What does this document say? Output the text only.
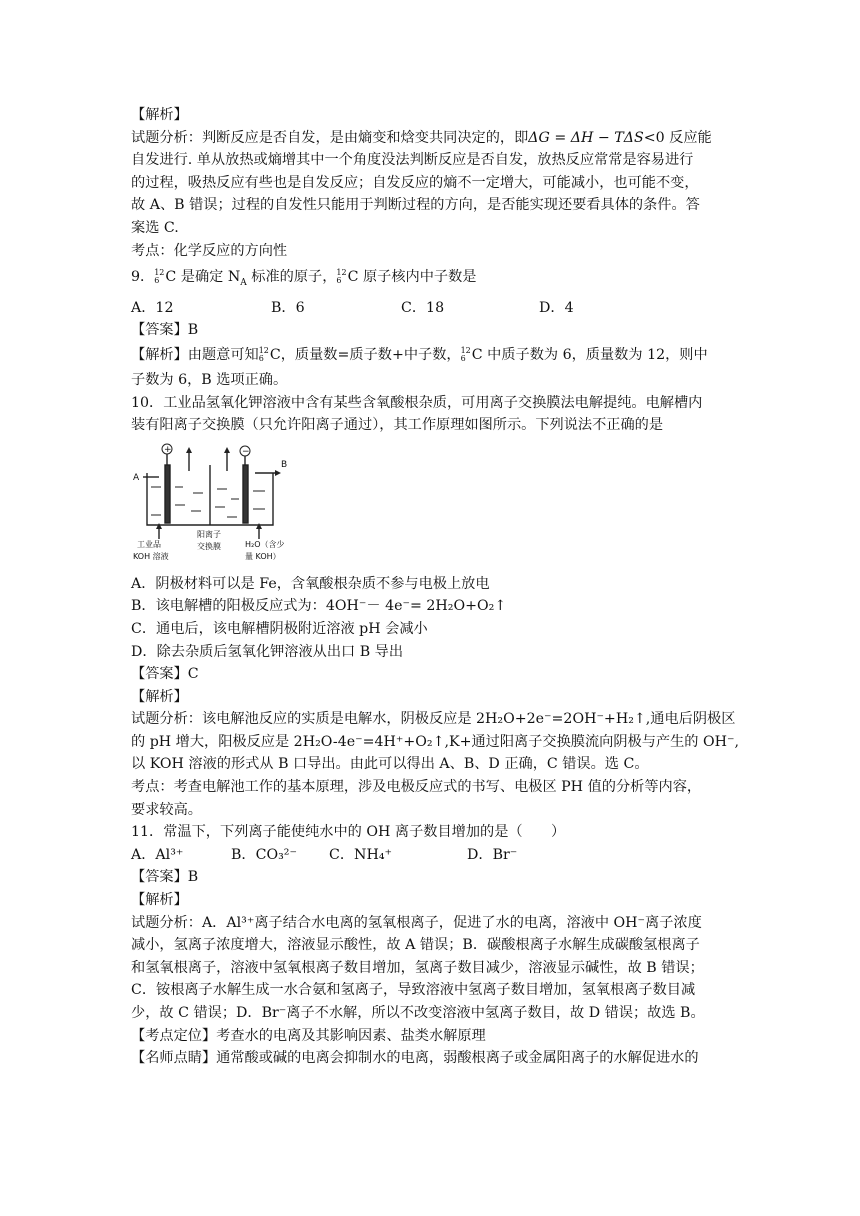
【解析】
试题分析：判断反应是否自发，是由熵变和焓变共同决定的，即ΔG = ΔH − TΔS<0 反应能
自发进行. 单从放热或熵增其中一个角度没法判断反应是否自发，放热反应常常是容易进行
的过程，吸热反应有些也是自发反应；自发反应的熵不一定增大，可能减小，也可能不变，
故 A、B 错误；过程的自发性只能用于判断过程的方向，是否能实现还要看具体的条件。答
案选 C.
考点：化学反应的方向性
9． 12
6 C 是确定 $N_A$ 标准的原子， 12
6 C 原子核内中子数是
A．12	B．6	C．18	D．4
【答案】B
【解析】由题意可知 12
6 C，质量数=质子数+中子数， 12
6 C 中质子数为 6，质量数为 12，则中
子数为 6，B 选项正确。
10．工业品氢氧化钾溶液中含有某些含氧酸根杂质，可用离子交换膜法电解提纯。电解槽内
装有阳离子交换膜（只允许阳离子通过），其工作原理如图所示。下列说法不正确的是
+	−
A
B
工业品
KOH 溶液
阳离子
交换膜	H₂O（含少
量 KOH）
A．阴极材料可以是 Fe，含氧酸根杂质不参与电极上放电
B．该电解槽的阳极反应式为：4OH⁻－ 4e⁻= 2H₂O+O₂↑
C．通电后，该电解槽阴极附近溶液 pH 会减小
D．除去杂质后氢氧化钾溶液从出口 B 导出
【答案】C
【解析】
试题分析：该电解池反应的实质是电解水，阴极反应是 2H₂O+2e⁻=2OH⁻+H₂↑,通电后阴极区
的 pH 增大，阳极反应是 2H₂O-4e⁻=4H⁺+O₂↑,K+通过阳离子交换膜流向阴极与产生的 OH⁻,
以 KOH 溶液的形式从 B 口导出。由此可以得出 A、B、D 正确，C 错误。选 C。
考点：考查电解池工作的基本原理，涉及电极反应式的书写、电极区 PH 值的分析等内容，
要求较高。
11．常温下，下列离子能使纯水中的 OH 离子数目增加的是（　　）
A．Al³⁺	B．CO₃²⁻	C．NH₄⁺	D．Br⁻
【答案】B
【解析】
试题分析：A．Al³⁺离子结合水电离的氢氧根离子，促进了水的电离，溶液中 OH⁻离子浓度
减小，氢离子浓度增大，溶液显示酸性，故 A 错误；B．碳酸根离子水解生成碳酸氢根离子
和氢氧根离子，溶液中氢氧根离子数目增加，氢离子数目减少，溶液显示碱性，故 B 错误；
C．铵根离子水解生成一水合氨和氢离子，导致溶液中氢离子数目增加，氢氧根离子数目减
少，故 C 错误；D．Br⁻离子不水解，所以不改变溶液中氢离子数目，故 D 错误；故选 B。
【考点定位】考查水的电离及其影响因素、盐类水解原理
【名师点睛】通常酸或碱的电离会抑制水的电离，弱酸根离子或金属阳离子的水解促进水的
